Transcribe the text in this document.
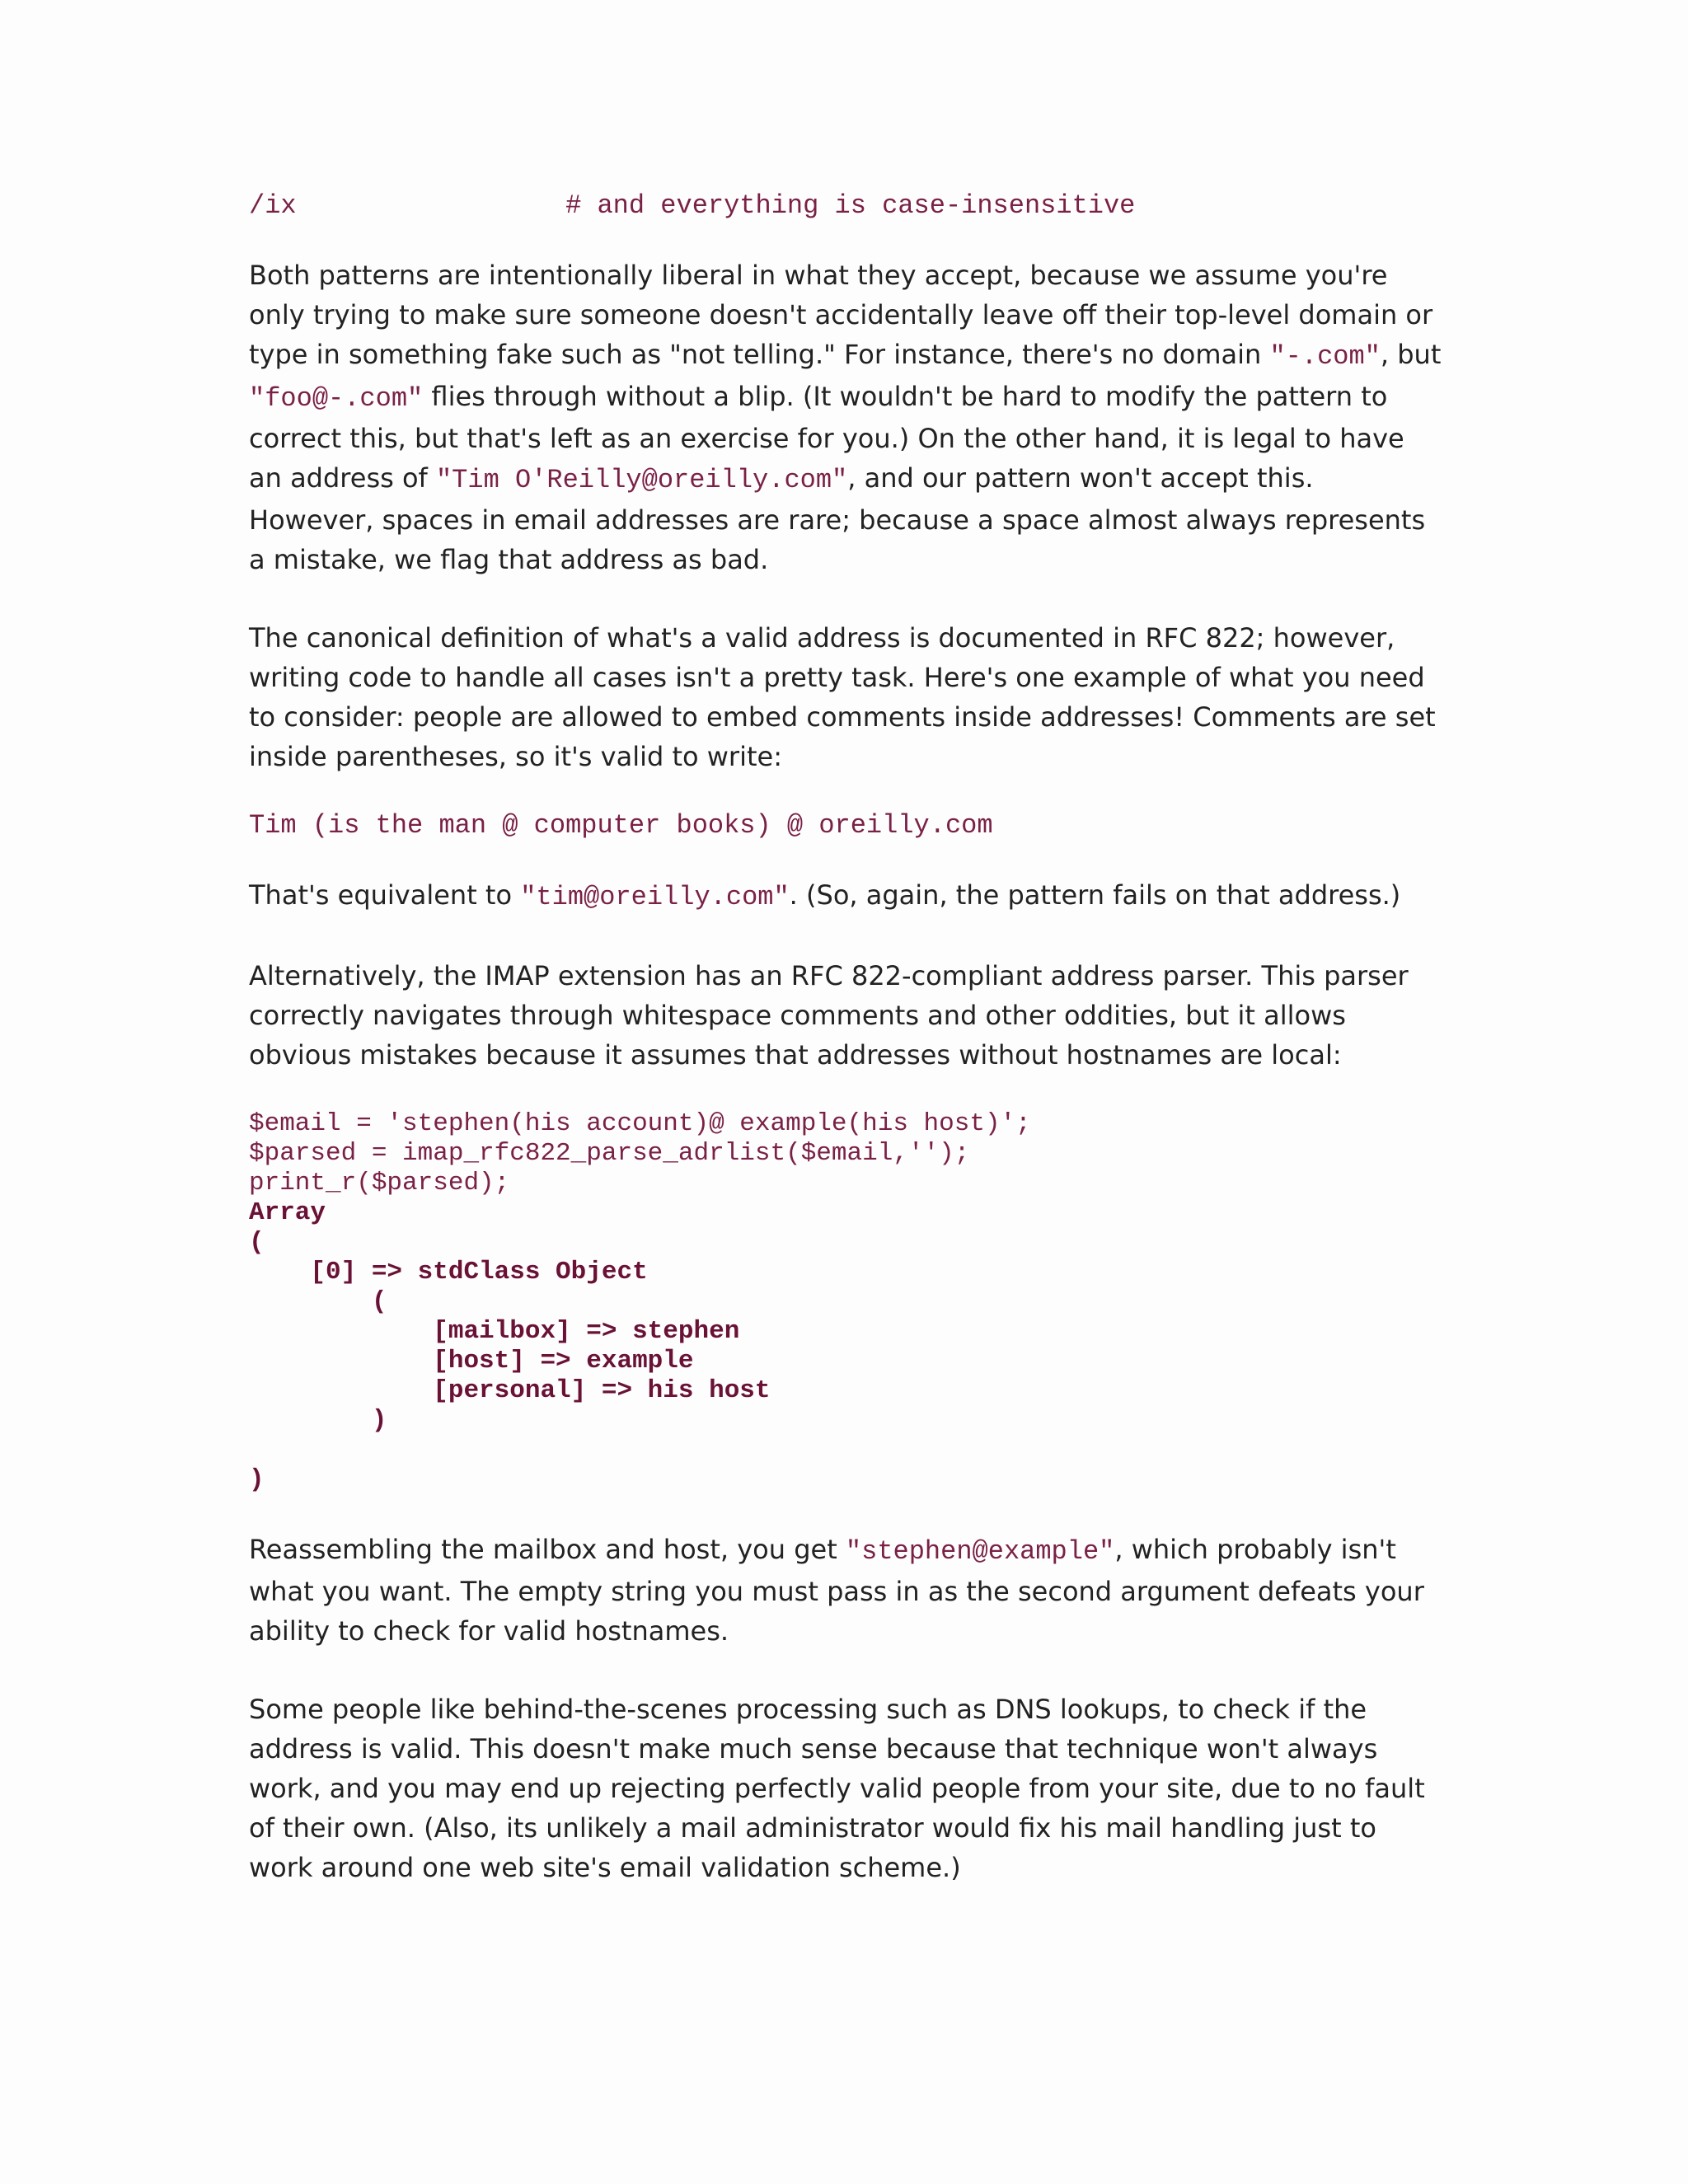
/ix	# and everything is case-insensitive

Both patterns are intentionally liberal in what they accept, because we assume you're only trying to make sure someone doesn't accidentally leave off their top-level domain or type in something fake such as "not telling." For instance, there's no domain "-.com", but "foo@-.com" flies through without a blip. (It wouldn't be hard to modify the pattern to correct this, but that's left as an exercise for you.) On the other hand, it is legal to have an address of "Tim O'Reilly@oreilly.com", and our pattern won't accept this. However, spaces in email addresses are rare; because a space almost always represents a mistake, we flag that address as bad.

The canonical definition of what's a valid address is documented in RFC 822; however, writing code to handle all cases isn't a pretty task. Here's one example of what you need to consider: people are allowed to embed comments inside addresses! Comments are set inside parentheses, so it's valid to write:

Tim (is the man @ computer books) @ oreilly.com

That's equivalent to "tim@oreilly.com". (So, again, the pattern fails on that address.)

Alternatively, the IMAP extension has an RFC 822-compliant address parser. This parser correctly navigates through whitespace comments and other oddities, but it allows obvious mistakes because it assumes that addresses without hostnames are local:

$email = 'stephen(his account)@ example(his host)';
$parsed = imap_rfc822_parse_adrlist($email,'');
print_r($parsed);
Array
(
[0] => stdClass Object
(
[mailbox] => stephen
[host] => example
[personal] => his host
)
)

Reassembling the mailbox and host, you get "stephen@example", which probably isn't what you want. The empty string you must pass in as the second argument defeats your ability to check for valid hostnames.

Some people like behind-the-scenes processing such as DNS lookups, to check if the address is valid. This doesn't make much sense because that technique won't always work, and you may end up rejecting perfectly valid people from your site, due to no fault of their own. (Also, its unlikely a mail administrator would fix his mail handling just to work around one web site's email validation scheme.)
